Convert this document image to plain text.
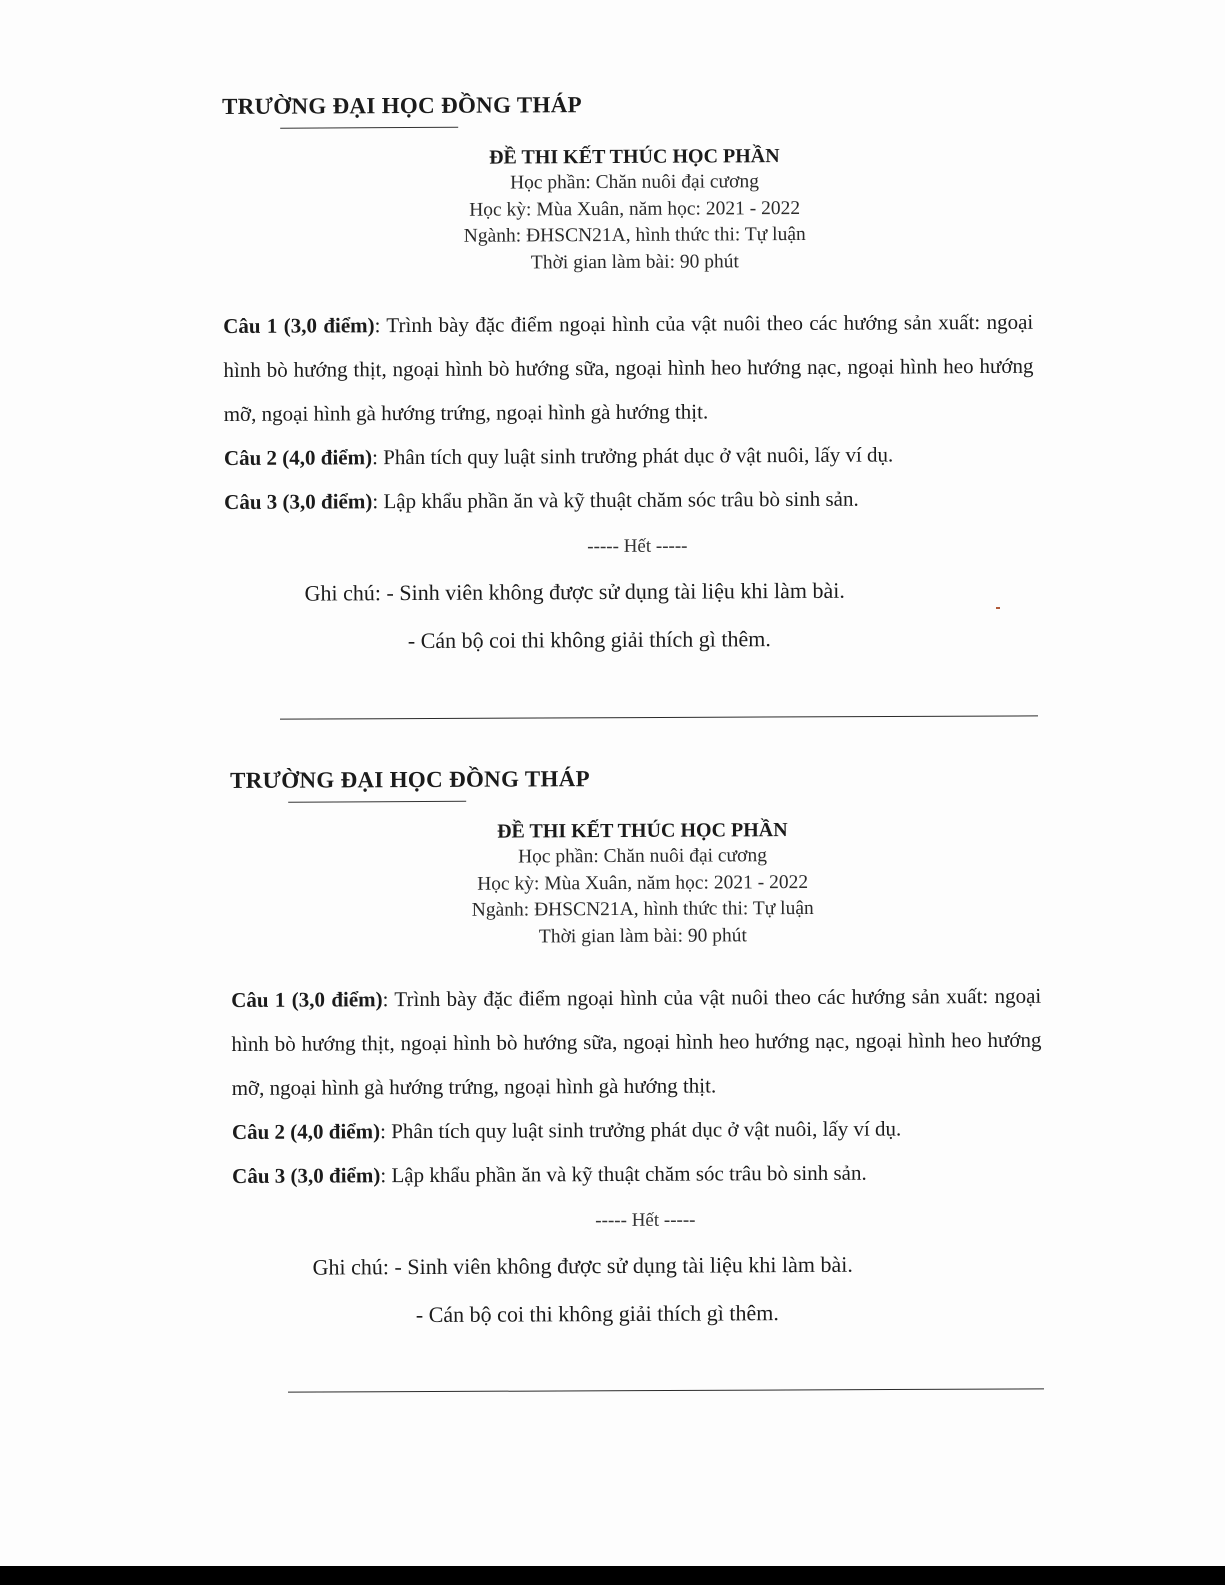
TRƯỜNG ĐẠI HỌC ĐỒNG THÁP
ĐỀ THI KẾT THÚC HỌC PHẦN
Học phần: Chăn nuôi đại cương
Học kỳ: Mùa Xuân, năm học: 2021 - 2022
Ngành: ĐHSCN21A, hình thức thi: Tự luận
Thời gian làm bài: 90 phút

Câu 1 (3,0 điểm): Trình bày đặc điểm ngoại hình của vật nuôi theo các hướng sản xuất: ngoại hình bò hướng thịt, ngoại hình bò hướng sữa, ngoại hình heo hướng nạc, ngoại hình heo hướng mỡ, ngoại hình gà hướng trứng, ngoại hình gà hướng thịt.

Câu 2 (4,0 điểm): Phân tích quy luật sinh trưởng phát dục ở vật nuôi, lấy ví dụ.

Câu 3 (3,0 điểm): Lập khẩu phần ăn và kỹ thuật chăm sóc trâu bò sinh sản.

----- Hết -----
Ghi chú: - Sinh viên không được sử dụng tài liệu khi làm bài.
- Cán bộ coi thi không giải thích gì thêm.
TRƯỜNG ĐẠI HỌC ĐỒNG THÁP
ĐỀ THI KẾT THÚC HỌC PHẦN
Học phần: Chăn nuôi đại cương
Học kỳ: Mùa Xuân, năm học: 2021 - 2022
Ngành: ĐHSCN21A, hình thức thi: Tự luận
Thời gian làm bài: 90 phút

Câu 1 (3,0 điểm): Trình bày đặc điểm ngoại hình của vật nuôi theo các hướng sản xuất: ngoại hình bò hướng thịt, ngoại hình bò hướng sữa, ngoại hình heo hướng nạc, ngoại hình heo hướng mỡ, ngoại hình gà hướng trứng, ngoại hình gà hướng thịt.

Câu 2 (4,0 điểm): Phân tích quy luật sinh trưởng phát dục ở vật nuôi, lấy ví dụ.

Câu 3 (3,0 điểm): Lập khẩu phần ăn và kỹ thuật chăm sóc trâu bò sinh sản.

----- Hết -----
Ghi chú: - Sinh viên không được sử dụng tài liệu khi làm bài.
- Cán bộ coi thi không giải thích gì thêm.
